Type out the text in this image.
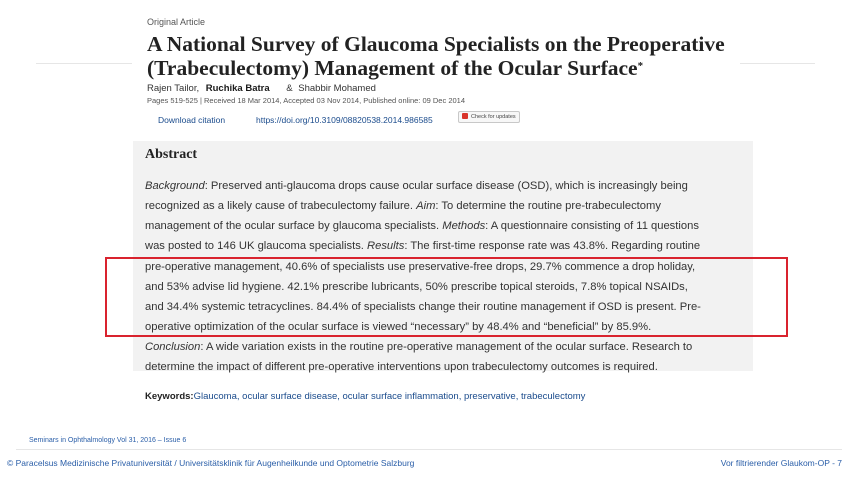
Original Article
A National Survey of Glaucoma Specialists on the Preoperative (Trabeculectomy) Management of the Ocular Surface*
Rajen Tailor, Ruchika Batra & Shabbir Mohamed
Pages 519-525 | Received 18 Mar 2014, Accepted 03 Nov 2014, Published online: 09 Dec 2014
Download citation	https://doi.org/10.3109/08820538.2014.986585	Check for updates
Abstract
Background: Preserved anti-glaucoma drops cause ocular surface disease (OSD), which is increasingly being
recognized as a likely cause of trabeculectomy failure. Aim: To determine the routine pre-trabeculectomy
management of the ocular surface by glaucoma specialists. Methods: A questionnaire consisting of 11 questions
was posted to 146 UK glaucoma specialists. Results: The first-time response rate was 43.8%. Regarding routine
pre-operative management, 40.6% of specialists use preservative-free drops, 29.7% commence a drop holiday,
and 53% advise lid hygiene. 42.1% prescribe lubricants, 50% prescribe topical steroids, 7.8% topical NSAIDs,
and 34.4% systemic tetracyclines. 84.4% of specialists change their routine management if OSD is present. Pre-
operative optimization of the ocular surface is viewed “necessary” by 48.4% and “beneficial” by 85.9%.
Conclusion: A wide variation exists in the routine pre-operative management of the ocular surface. Research to
determine the impact of different pre-operative interventions upon trabeculectomy outcomes is required.
Keywords:Glaucoma, ocular surface disease, ocular surface inflammation, preservative, trabeculectomy
Seminars in Ophthalmology Vol 31, 2016 – Issue 6
© Paracelsus Medizinische Privatuniversität / Universitätsklinik für Augenheilkunde und Optometrie Salzburg	Vor filtrierender Glaukom-OP - 7
